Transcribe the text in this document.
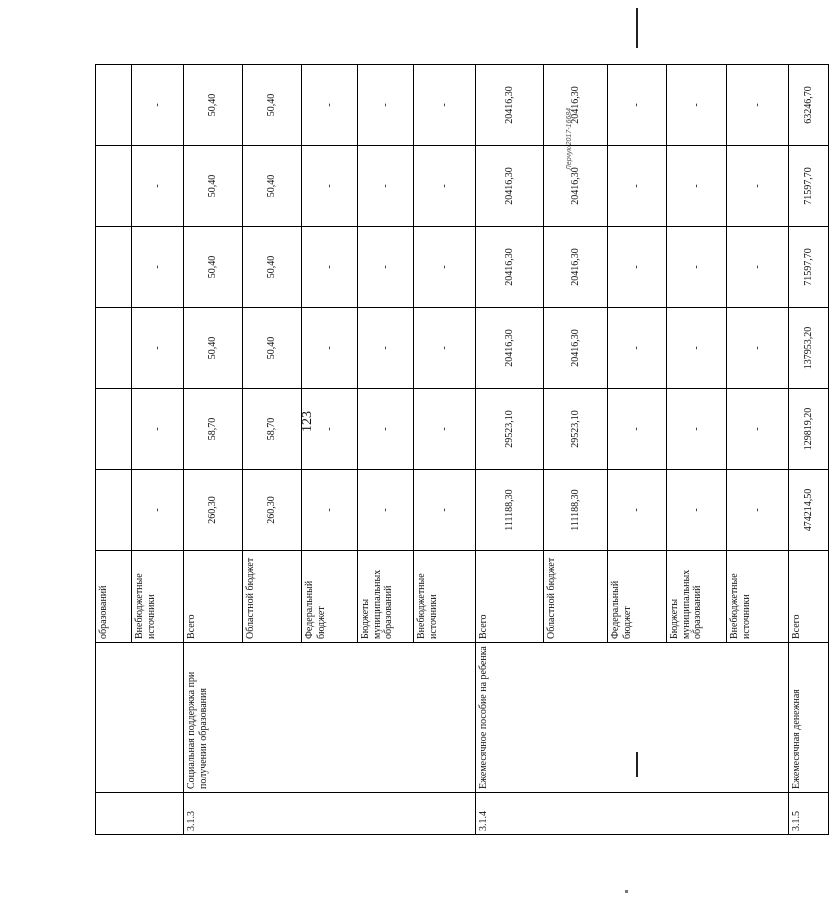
123
Лерчук/2017-16684
		образований						
		Внебюджетные источники	-	-	-	-	-	-
3.1.3	Социальная поддержка при получении образования	Всего	260,30	58,70	50,40	50,40	50,40	50,40
		Областной бюджет	260,30	58,70	50,40	50,40	50,40	50,40
		Федеральный бюджет	-	-	-	-	-	-
		Бюджеты муниципальных образований	-	-	-	-	-	-
		Внебюджетные источники	-	-	-	-	-	-
3.1.4	Ежемесячное пособие на ребенка	Всего	111188,30	29523,10	20416,30	20416,30	20416,30	20416,30
		Областной бюджет	111188,30	29523,10	20416,30	20416,30	20416,30	20416,30
		Федеральный бюджет	-	-	-	-	-	-
		Бюджеты муниципальных образований	-	-	-	-	-	-
		Внебюджетные источники	-	-	-	-	-	-
3.1.5	Ежемесячная денежная	Всего	474214,50	129819,20	137953,20	71597,70	71597,70	63246,70
